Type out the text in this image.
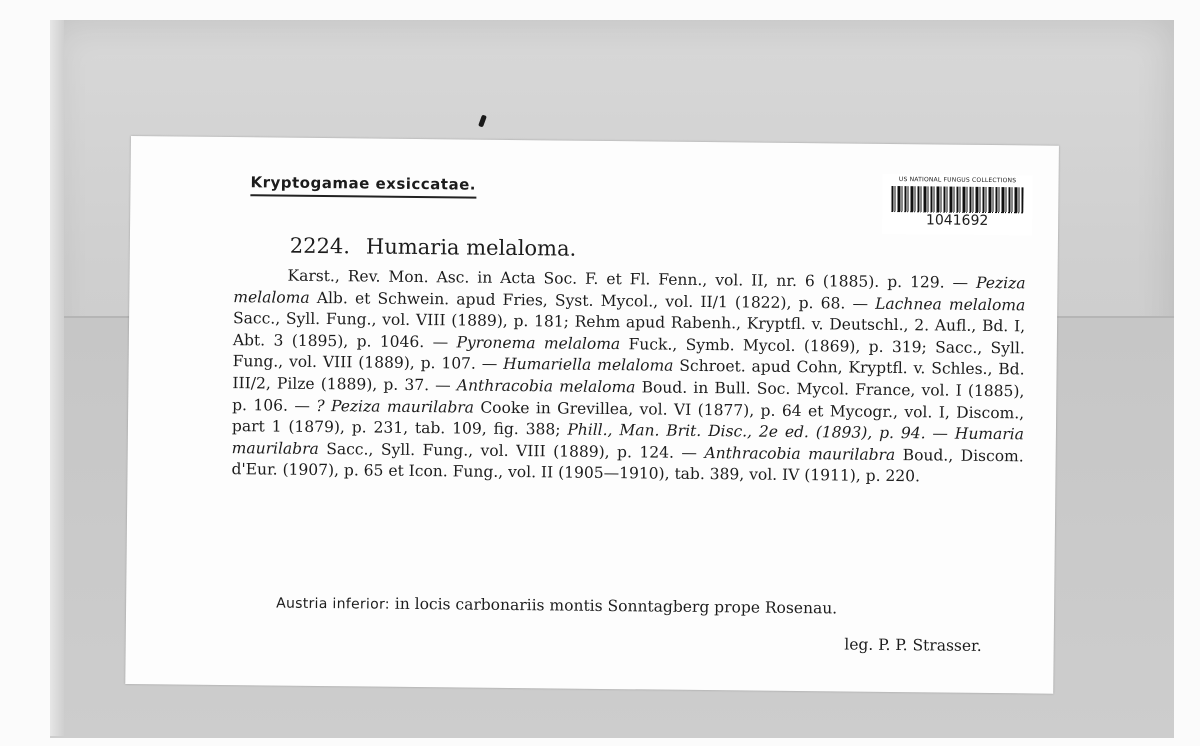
Kryptogamae exsiccatae.	US NATIONAL FUNGUS COLLECTIONS
1041692
2224. Humaria melaloma.
Karst., Rev. Mon. Asc. in Acta Soc. F. et Fl. Fenn., vol. II, nr. 6 (1885). p. 129. — Peziza melaloma Alb. et Schwein. apud Fries, Syst. Mycol., vol. II/1 (1822), p. 68. — Lachnea melaloma Sacc., Syll. Fung., vol. VIII (1889), p. 181; Rehm apud Rabenh., Kryptfl. v. Deutschl., 2. Aufl., Bd. I, Abt. 3 (1895), p. 1046. — Pyronema melaloma Fuck., Symb. Mycol. (1869), p. 319; Sacc., Syll. Fung., vol. VIII (1889), p. 107. — Humariella melaloma Schroet. apud Cohn, Kryptfl. v. Schles., Bd. III/2, Pilze (1889), p. 37. — Anthracobia melaloma Boud. in Bull. Soc. Mycol. France, vol. I (1885), p. 106. — ? Peziza maurilabra Cooke in Grevillea, vol. VI (1877), p. 64 et Mycogr., vol. I, Discom., part 1 (1879), p. 231, tab. 109, fig. 388; Phill., Man. Brit. Disc., 2e ed. (1893), p. 94. — Humaria maurilabra Sacc., Syll. Fung., vol. VIII (1889), p. 124. — Anthracobia maurilabra Boud., Discom. d'Eur. (1907), p. 65 et Icon. Fung., vol. II (1905—1910), tab. 389, vol. IV (1911), p. 220.
Austria inferior: in locis carbonariis montis Sonntagberg prope Rosenau.
leg. P. P. Strasser.
